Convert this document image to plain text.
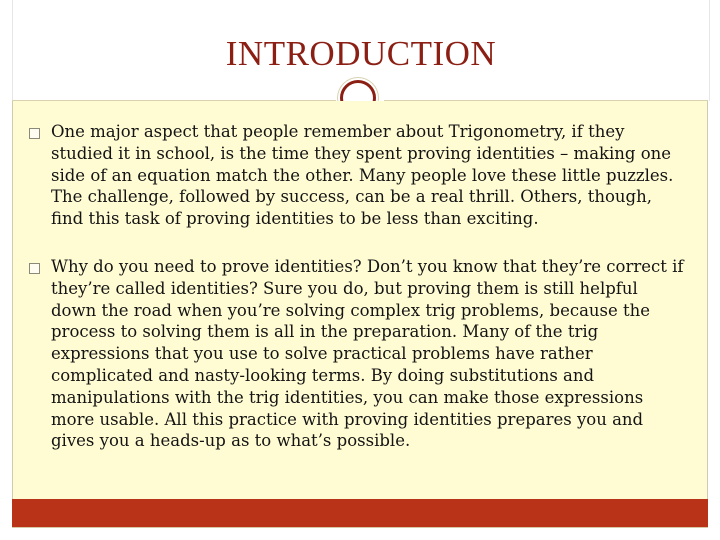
INTRODUCTION
One major aspect that people remember about Trigonometry, if they studied it in school, is the time they spent proving identities – making one side of an equation match the other. Many people love these little puzzles. The challenge, followed by success, can be a real thrill. Others, though, find this task of proving identities to be less than exciting.
Why do you need to prove identities? Don’t you know that they’re correct if they’re called identities? Sure you do, but proving them is still helpful down the road when you’re solving complex trig problems, because the process to solving them is all in the preparation. Many of the trig expressions that you use to solve practical problems have rather complicated and nasty-looking terms. By doing substitutions and manipulations with the trig identities, you can make those expressions more usable. All this practice with proving identities prepares you and gives you a heads-up as to what’s possible.
